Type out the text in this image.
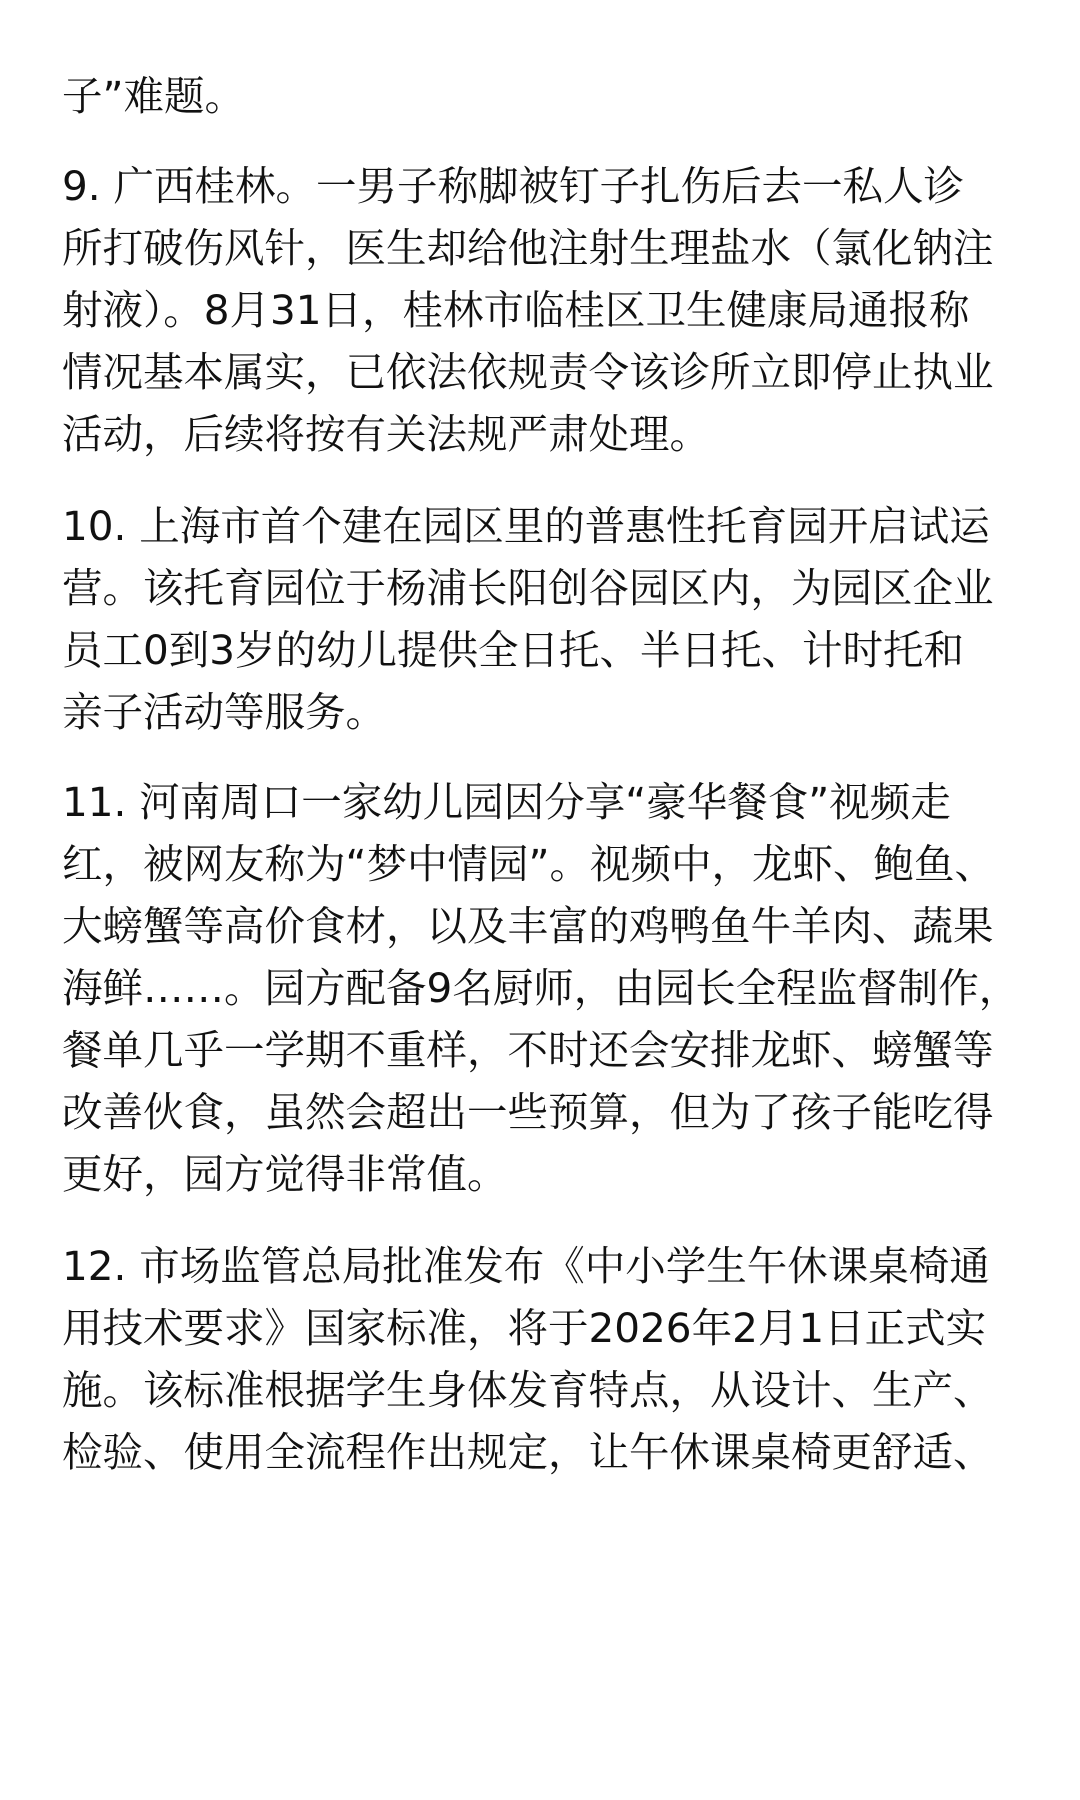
子”难题。
9. 广西桂林。一男子称脚被钉子扎伤后去一私人诊
所打破伤风针，医生却给他注射生理盐水（氯化钠注
射液）。8月31日，桂林市临桂区卫生健康局通报称
情况基本属实，已依法依规责令该诊所立即停止执业
活动，后续将按有关法规严肃处理。
10. 上海市首个建在园区里的普惠性托育园开启试运
营。该托育园位于杨浦长阳创谷园区内，为园区企业
员工0到3岁的幼儿提供全日托、半日托、计时托和
亲子活动等服务。
11. 河南周口一家幼儿园因分享“豪华餐食”视频走
红，被网友称为“梦中情园”。视频中，龙虾、鲍鱼、
大螃蟹等高价食材，以及丰富的鸡鸭鱼牛羊肉、蔬果
海鲜……。园方配备9名厨师，由园长全程监督制作，
餐单几乎一学期不重样，不时还会安排龙虾、螃蟹等
改善伙食，虽然会超出一些预算，但为了孩子能吃得
更好，园方觉得非常值。
12. 市场监管总局批准发布《中小学生午休课桌椅通
用技术要求》国家标准，将于2026年2月1日正式实
施。该标准根据学生身体发育特点，从设计、生产、
检验、使用全流程作出规定，让午休课桌椅更舒适、
